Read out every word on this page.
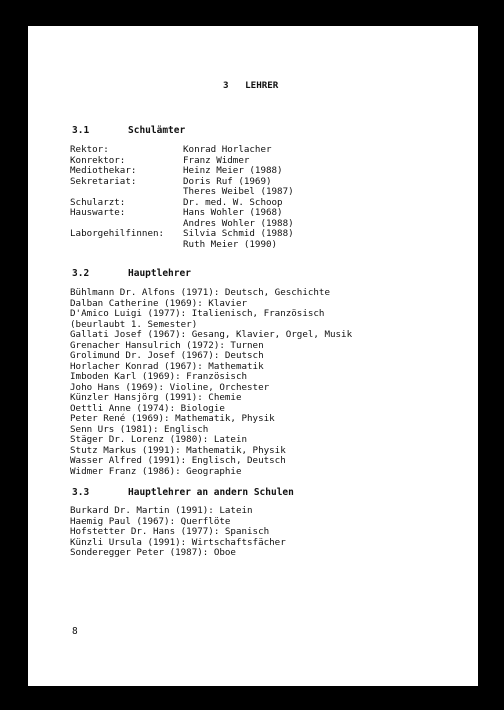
3   LEHRER
3.1	Schulämter
Rektor:	Konrad Horlacher
Konrektor:	Franz Widmer
Mediothekar:	Heinz Meier (1988)
Sekretariat:	Doris Ruf (1969)
Theres Weibel (1987)
Schularzt:	Dr. med. W. Schoop
Hauswarte:	Hans Wohler (1968)
Andres Wohler (1988)
Laborgehilfinnen: Silvia Schmid (1988)
Ruth Meier (1990)
3.2	Hauptlehrer
Bühlmann Dr. Alfons (1971): Deutsch, Geschichte
Dalban Catherine (1969): Klavier
D'Amico Luigi (1977): Italienisch, Französisch
(beurlaubt 1. Semester)
Gallati Josef (1967): Gesang, Klavier, Orgel, Musik
Grenacher Hansulrich (1972): Turnen
Grolimund Dr. Josef (1967): Deutsch
Horlacher Konrad (1967): Mathematik
Imboden Karl (1969): Französisch
Joho Hans (1969): Violine, Orchester
Künzler Hansjörg (1991): Chemie
Oettli Anne (1974): Biologie
Peter René (1969): Mathematik, Physik
Senn Urs (1981): Englisch
Stäger Dr. Lorenz (1980): Latein
Stutz Markus (1991): Mathematik, Physik
Wasser Alfred (1991): Englisch, Deutsch
Widmer Franz (1986): Geographie
3.3	Hauptlehrer an andern Schulen
Burkard Dr. Martin (1991): Latein
Haemig Paul (1967): Querflöte
Hofstetter Dr. Hans (1977): Spanisch
Künzli Ursula (1991): Wirtschaftsfächer
Sonderegger Peter (1987): Oboe
8
